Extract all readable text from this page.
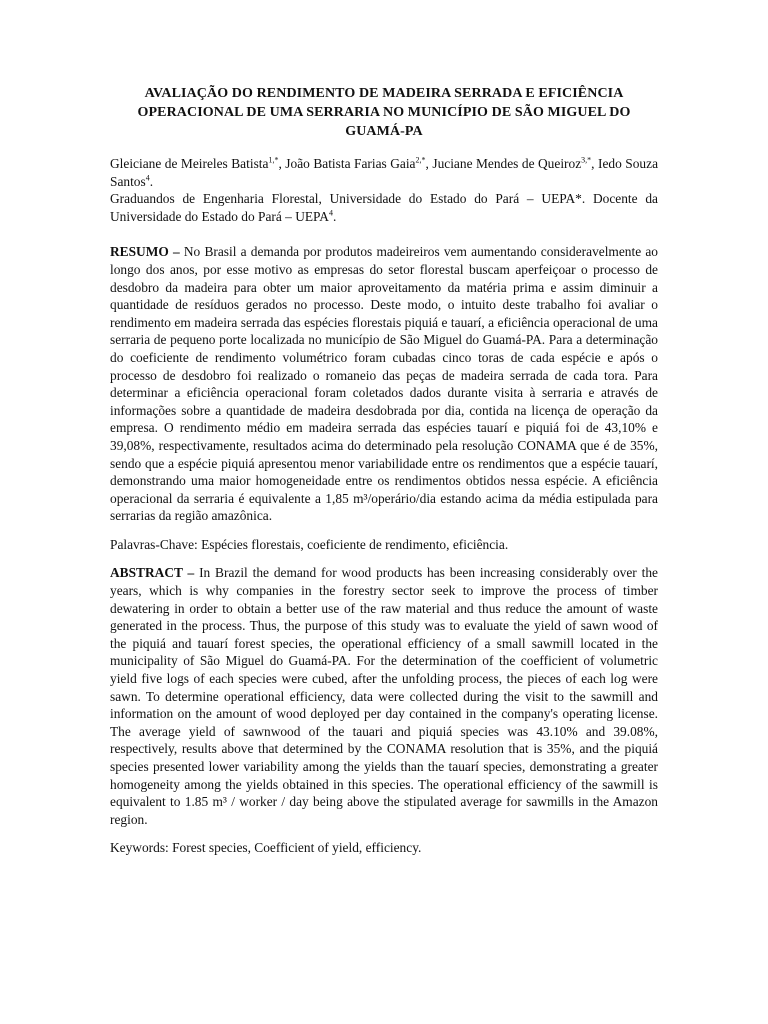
AVALIAÇÃO DO RENDIMENTO DE MADEIRA SERRADA E EFICIÊNCIA OPERACIONAL DE UMA SERRARIA NO MUNICÍPIO DE SÃO MIGUEL DO GUAMÁ-PA

Gleiciane de Meireles Batista$^{1,*}$, João Batista Farias Gaia$^{2,*}$, Juciane Mendes de Queiroz$^{3,*}$, Iedo Souza Santos$^4$.

Graduandos de Engenharia Florestal, Universidade do Estado do Pará – UEPA*. Docente da Universidade do Estado do Pará – UEPA$^4$.

RESUMO – No Brasil a demanda por produtos madeireiros vem aumentando consideravelmente ao longo dos anos, por esse motivo as empresas do setor florestal buscam aperfeiçoar o processo de desdobro da madeira para obter um maior aproveitamento da matéria prima e assim diminuir a quantidade de resíduos gerados no processo. Deste modo, o intuito deste trabalho foi avaliar o rendimento em madeira serrada das espécies florestais piquiá e tauarí, a eficiência operacional de uma serraria de pequeno porte localizada no município de São Miguel do Guamá-PA. Para a determinação do coeficiente de rendimento volumétrico foram cubadas cinco toras de cada espécie e após o processo de desdobro foi realizado o romaneio das peças de madeira serrada de cada tora. Para determinar a eficiência operacional foram coletados dados durante visita à serraria e através de informações sobre a quantidade de madeira desdobrada por dia, contida na licença de operação da empresa. O rendimento médio em madeira serrada das espécies tauarí e piquiá foi de 43,10% e 39,08%, respectivamente, resultados acima do determinado pela resolução CONAMA que é de 35%, sendo que a espécie piquiá apresentou menor variabilidade entre os rendimentos que a espécie tauarí, demonstrando uma maior homogeneidade entre os rendimentos obtidos nessa espécie. A eficiência operacional da serraria é equivalente a 1,85 m³/operário/dia estando acima da média estipulada para serrarias da região amazônica.

Palavras-Chave: Espécies florestais, coeficiente de rendimento, eficiência.

ABSTRACT – In Brazil the demand for wood products has been increasing considerably over the years, which is why companies in the forestry sector seek to improve the process of timber dewatering in order to obtain a better use of the raw material and thus reduce the amount of waste generated in the process. Thus, the purpose of this study was to evaluate the yield of sawn wood of the piquiá and tauarí forest species, the operational efficiency of a small sawmill located in the municipality of São Miguel do Guamá-PA. For the determination of the coefficient of volumetric yield five logs of each species were cubed, after the unfolding process, the pieces of each log were sawn. To determine operational efficiency, data were collected during the visit to the sawmill and information on the amount of wood deployed per day contained in the company's operating license. The average yield of sawnwood of the tauari and piquiá species was 43.10% and 39.08%, respectively, results above that determined by the CONAMA resolution that is 35%, and the piquiá species presented lower variability among the yields than the tauarí species, demonstrating a greater homogeneity among the yields obtained in this species. The operational efficiency of the sawmill is equivalent to 1.85 m³ / worker / day being above the stipulated average for sawmills in the Amazon region.

Keywords: Forest species, Coefficient of yield, efficiency.
